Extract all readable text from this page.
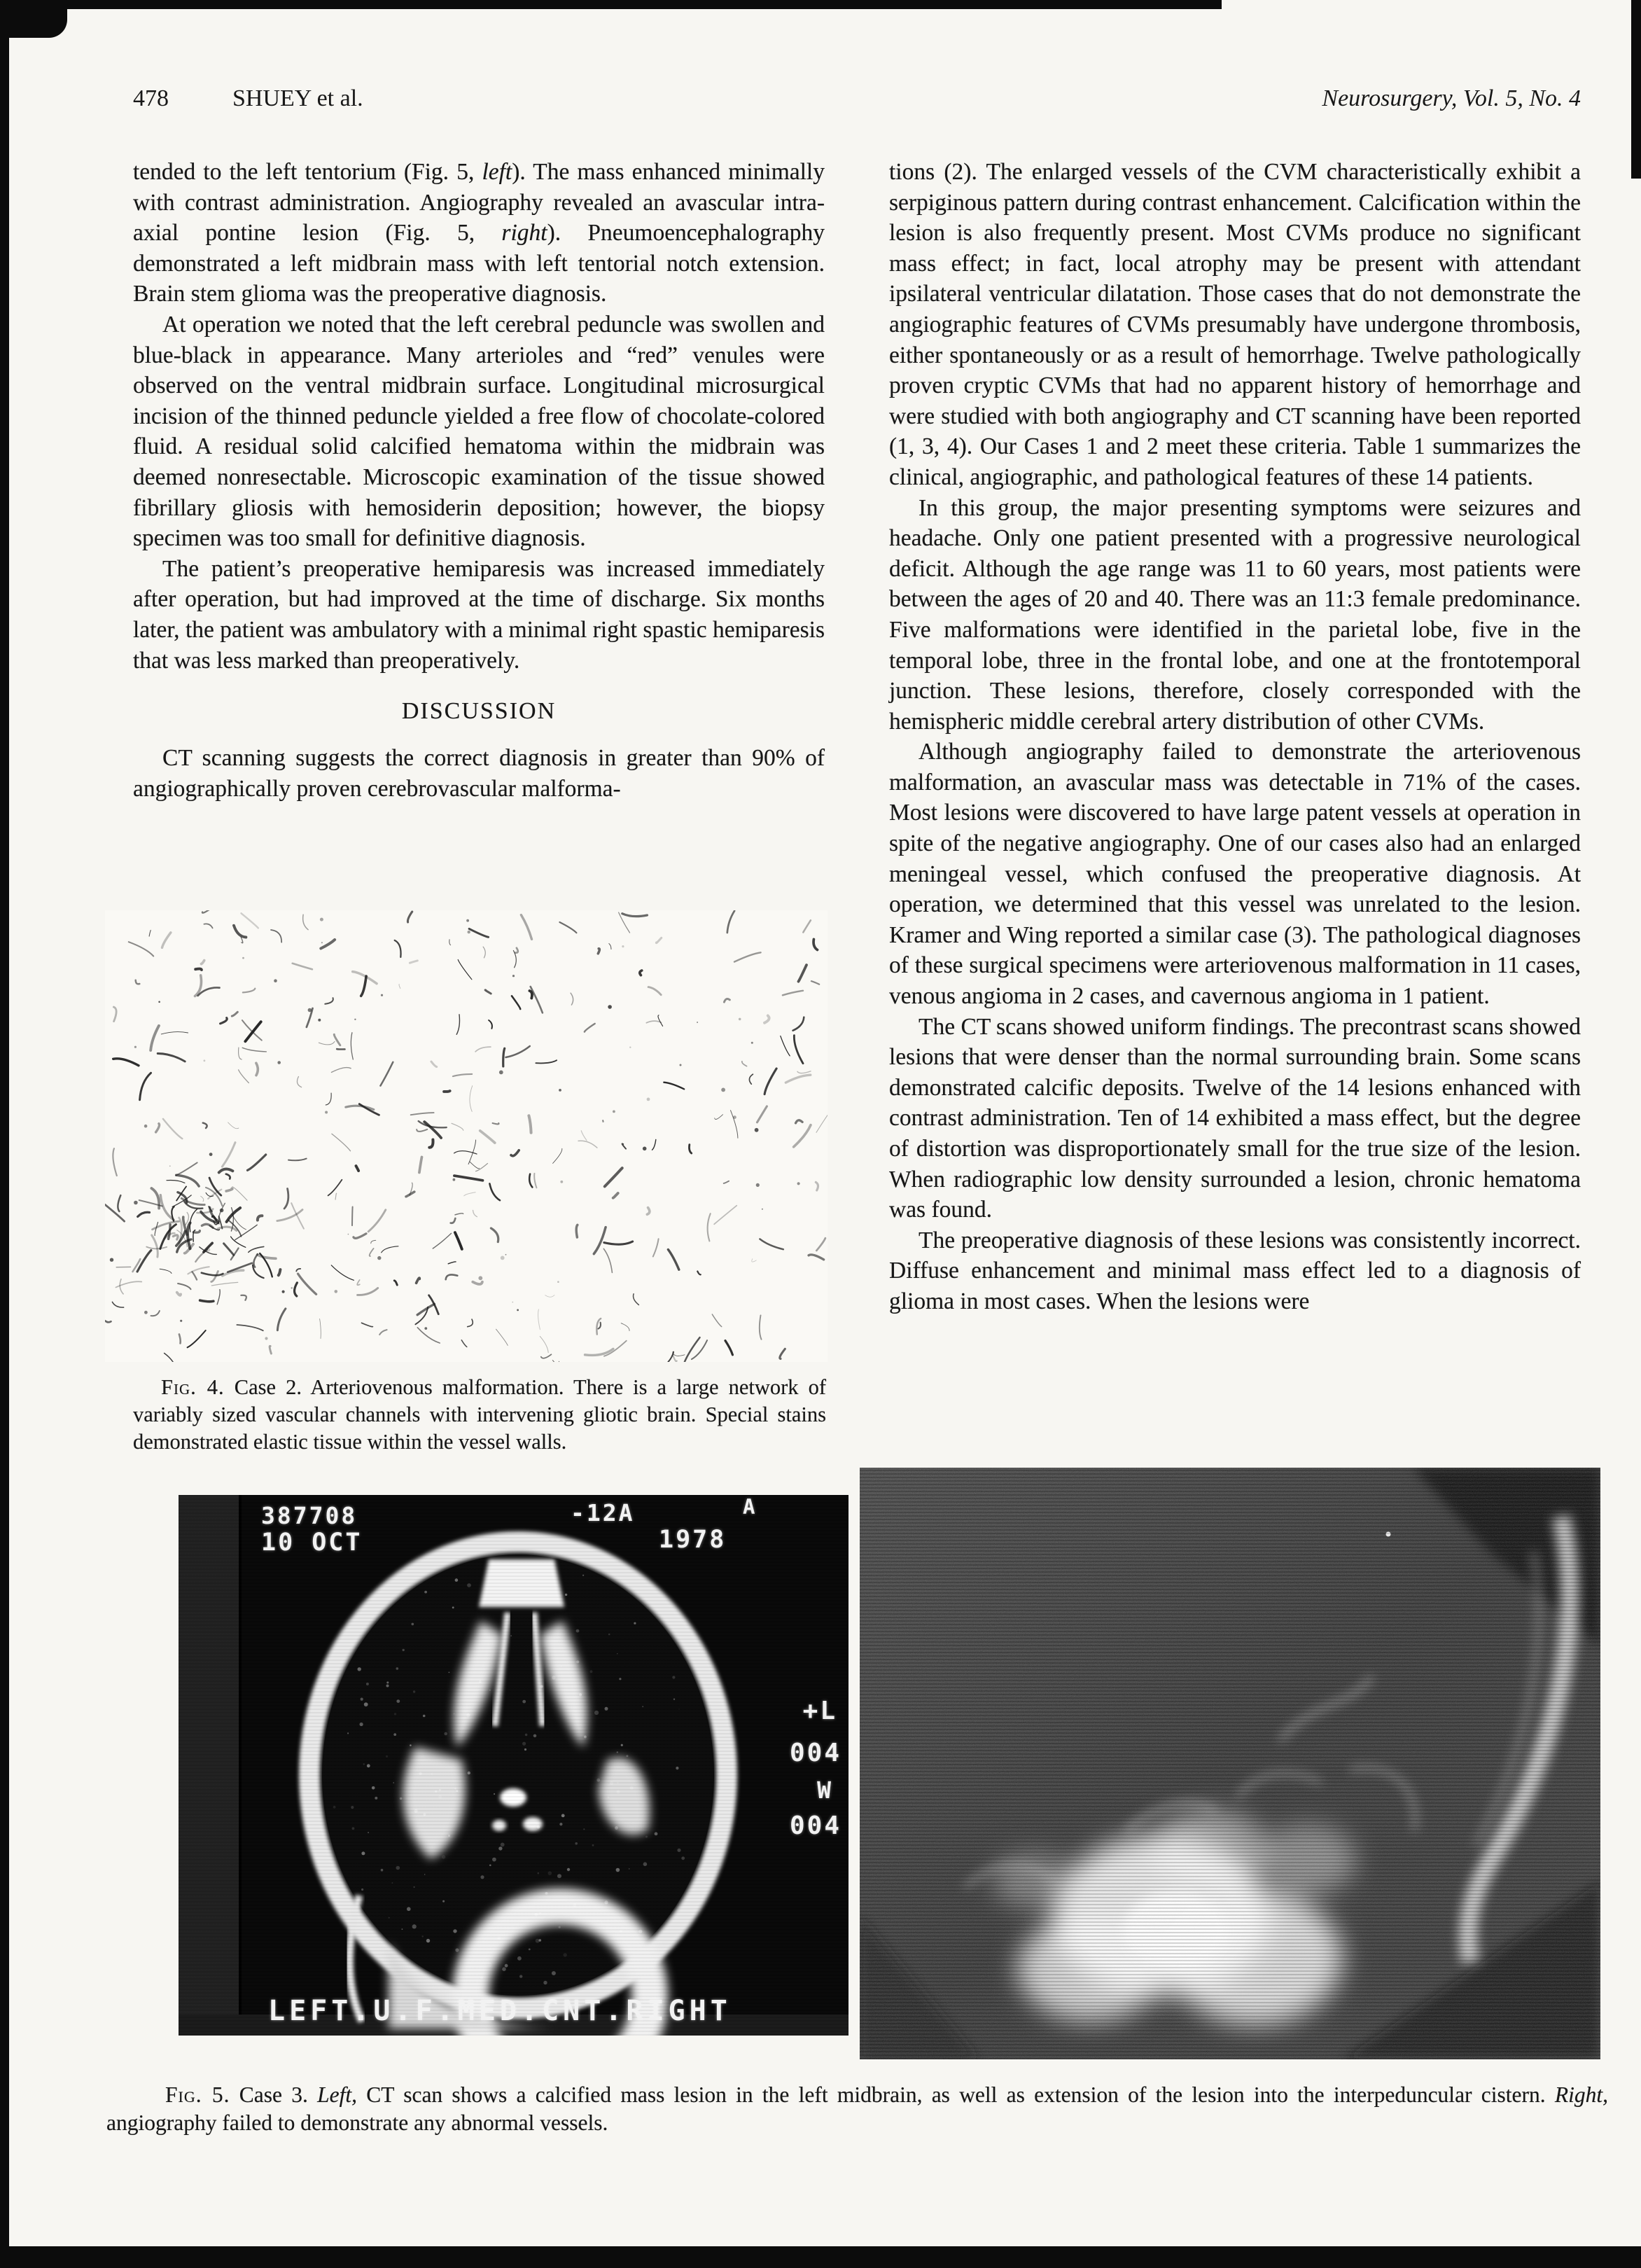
478	SHUEY et al.	Neurosurgery, Vol. 5, No. 4

tended to the left tentorium (Fig. 5, left). The mass enhanced minimally with contrast administration. Angiography revealed an avascular intra-axial pontine lesion (Fig. 5, right). Pneumoencephalography demonstrated a left midbrain mass with left tentorial notch extension. Brain stem glioma was the preoperative diagnosis.

At operation we noted that the left cerebral peduncle was swollen and blue-black in appearance. Many arterioles and “red” venules were observed on the ventral midbrain surface. Longitudinal microsurgical incision of the thinned peduncle yielded a free flow of chocolate-colored fluid. A residual solid calcified hematoma within the midbrain was deemed nonresectable. Microscopic examination of the tissue showed fibrillary gliosis with hemosiderin deposition; however, the biopsy specimen was too small for definitive diagnosis.

The patient’s preoperative hemiparesis was increased immediately after operation, but had improved at the time of discharge. Six months later, the patient was ambulatory with a minimal right spastic hemiparesis that was less marked than preoperatively.

DISCUSSION

CT scanning suggests the correct diagnosis in greater than 90% of angiographically proven cerebrovascular malforma-

Fig. 4. Case 2. Arteriovenous malformation. There is a large network of variably sized vascular channels with intervening gliotic brain. Special stains demonstrated elastic tissue within the vessel walls.

tions (2). The enlarged vessels of the CVM characteristically exhibit a serpiginous pattern during contrast enhancement. Calcification within the lesion is also frequently present. Most CVMs produce no significant mass effect; in fact, local atrophy may be present with attendant ipsilateral ventricular dilatation. Those cases that do not demonstrate the angiographic features of CVMs presumably have undergone thrombosis, either spontaneously or as a result of hemorrhage. Twelve pathologically proven cryptic CVMs that had no apparent history of hemorrhage and were studied with both angiography and CT scanning have been reported (1, 3, 4). Our Cases 1 and 2 meet these criteria. Table 1 summarizes the clinical, angiographic, and pathological features of these 14 patients.

In this group, the major presenting symptoms were seizures and headache. Only one patient presented with a progressive neurological deficit. Although the age range was 11 to 60 years, most patients were between the ages of 20 and 40. There was an 11:3 female predominance. Five malformations were identified in the parietal lobe, five in the temporal lobe, three in the frontal lobe, and one at the frontotemporal junction. These lesions, therefore, closely corresponded with the hemispheric middle cerebral artery distribution of other CVMs.

Although angiography failed to demonstrate the arteriovenous malformation, an avascular mass was detectable in 71% of the cases. Most lesions were discovered to have large patent vessels at operation in spite of the negative angiography. One of our cases also had an enlarged meningeal vessel, which confused the preoperative diagnosis. At operation, we determined that this vessel was unrelated to the lesion. Kramer and Wing reported a similar case (3). The pathological diagnoses of these surgical specimens were arteriovenous malformation in 11 cases, venous angioma in 2 cases, and cavernous angioma in 1 patient.

The CT scans showed uniform findings. The precontrast scans showed lesions that were denser than the normal surrounding brain. Some scans demonstrated calcific deposits. Twelve of the 14 lesions enhanced with contrast administration. Ten of 14 exhibited a mass effect, but the degree of distortion was disproportionately small for the true size of the lesion. When radiographic low density surrounded a lesion, chronic hematoma was found.

The preoperative diagnosis of these lesions was consistently incorrect. Diffuse enhancement and minimal mass effect led to a diagnosis of glioma in most cases. When the lesions were

387708
10 OCT
-12A	A
1978
+L
004
W
004
LEFT.U.F.MED.CNT.RIGHT

Fig. 5. Case 3. Left, CT scan shows a calcified mass lesion in the left midbrain, as well as extension of the lesion into the interpeduncular cistern. Right, angiography failed to demonstrate any abnormal vessels.
